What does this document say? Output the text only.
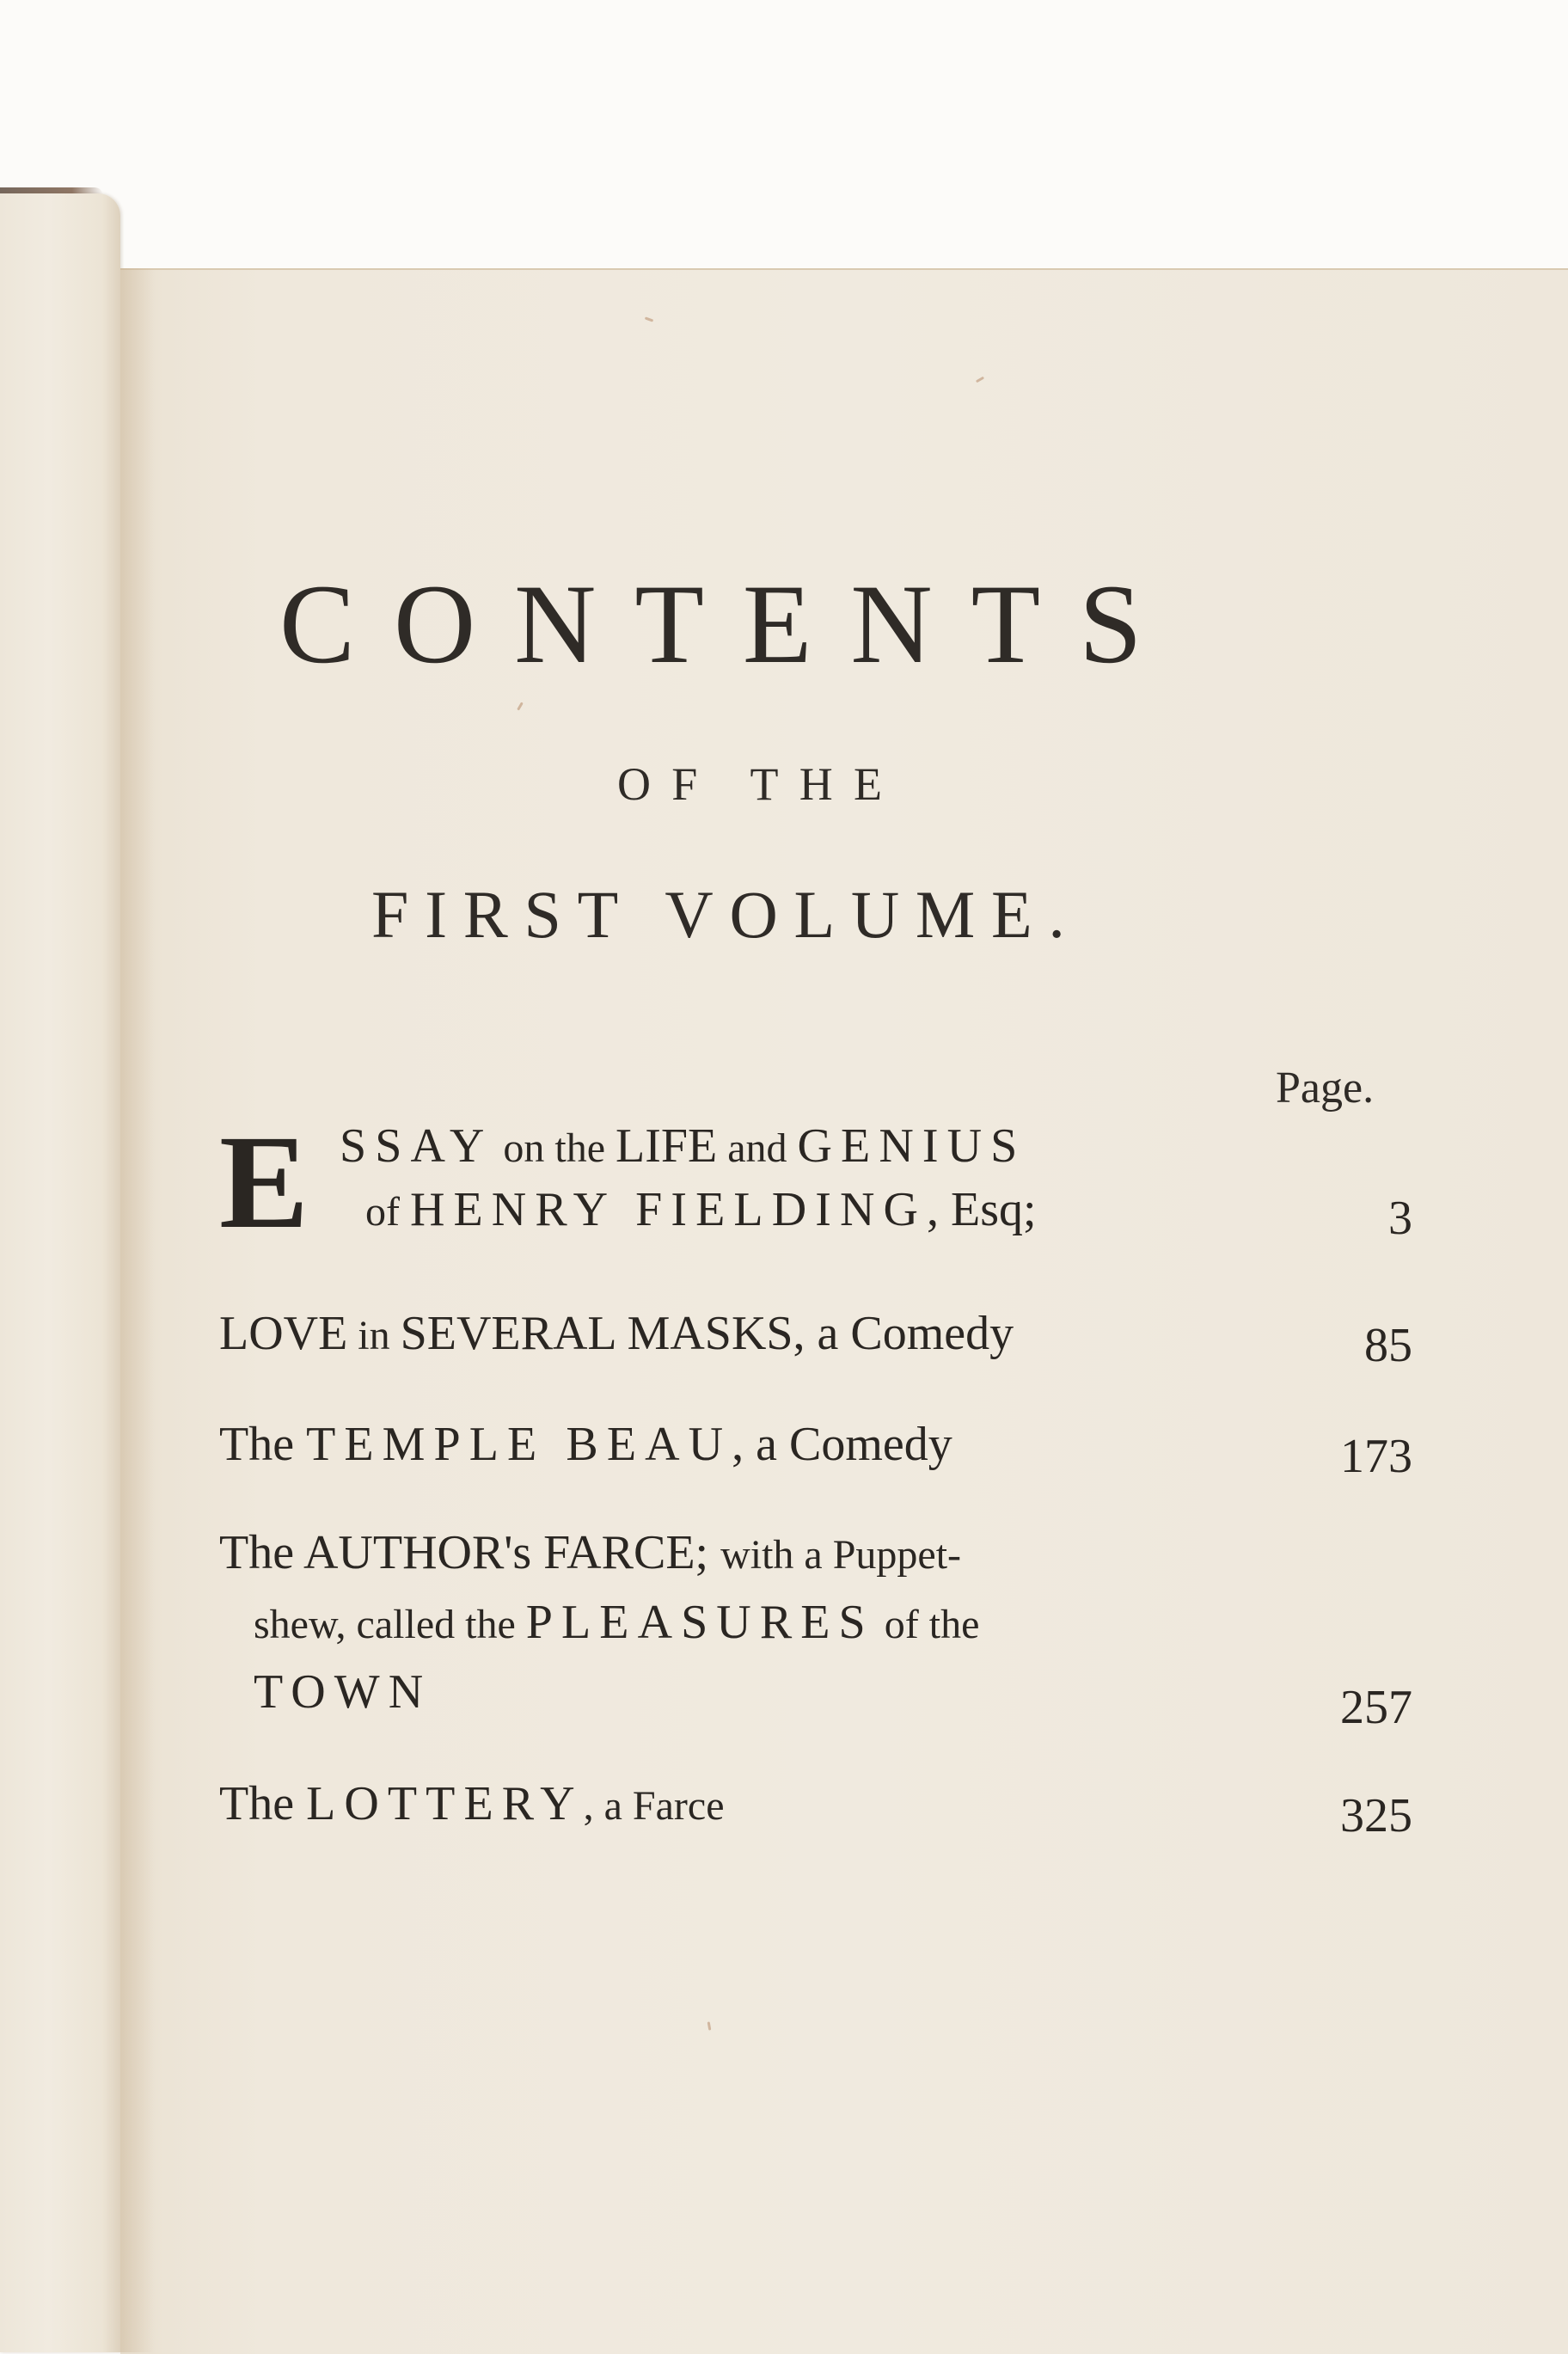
CONTENTS
OF THE
FIRST VOLUME.
Page.
E SSAY on the LIFE and GENIUS
of HENRY FIELDING, Esq;	3
LOVE in SEVERAL MASKS, a Comedy	85
The TEMPLE BEAU, a Comedy	173
The AUTHOR's FARCE; with a Puppet-
shew, called the PLEASURES of the
TOWN	257
The LOTTERY, a Farce	325
